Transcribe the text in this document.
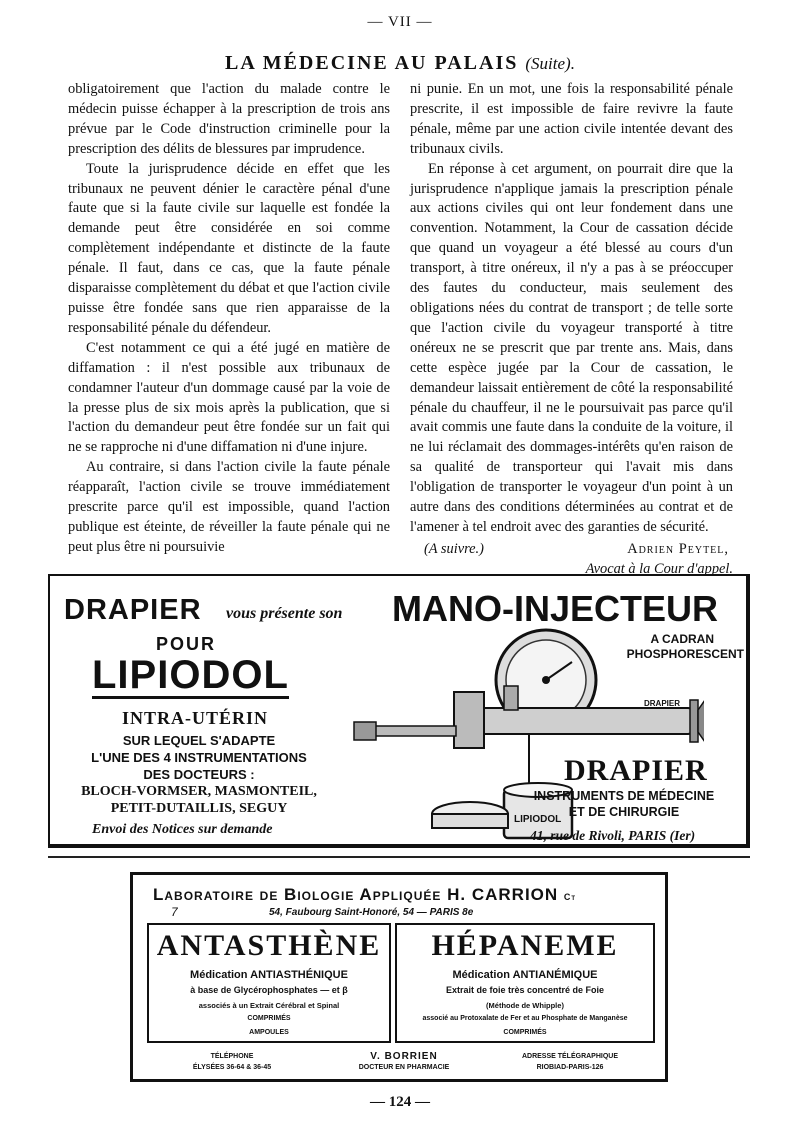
— VII —
LA MÉDECINE AU PALAIS (Suite).

obligatoirement que l'action du malade contre le médecin puisse échapper à la prescription de trois ans prévue par le Code d'instruction criminelle pour la prescription des délits de blessures par imprudence.

Toute la jurisprudence décide en effet que les tribunaux ne peuvent dénier le caractère pénal d'une faute que si la faute civile sur laquelle est fondée la demande peut être considérée en soi comme complètement indépendante et distincte de la faute pénale. Il faut, dans ce cas, que la faute pénale disparaisse complètement du débat et que l'action civile puisse être fondée sans que rien apparaisse de la responsabilité pénale du défendeur.

C'est notamment ce qui a été jugé en matière de diffamation : il n'est possible aux tribunaux de condamner l'auteur d'un dommage causé par la voie de la presse plus de six mois après la publication, que si l'action du demandeur peut être fondée sur un fait qui ne se rapproche ni d'une diffamation ni d'une injure.

Au contraire, si dans l'action civile la faute pénale réapparaît, l'action civile se trouve immédiatement prescrite parce qu'il est impossible, quand l'action publique est éteinte, de réveiller la faute pénale qui ne peut plus être ni poursuivie

ni punie. En un mot, une fois la responsabilité pénale prescrite, il est impossible de faire revivre la faute pénale, même par une action civile intentée devant des tribunaux civils.

En réponse à cet argument, on pourrait dire que la jurisprudence n'applique jamais la prescription pénale aux actions civiles qui ont leur fondement dans une convention. Notamment, la Cour de cassation décide que quand un voyageur a été blessé au cours d'un transport, à titre onéreux, il n'y a pas à se préoccuper des fautes du conducteur, mais seulement des obligations nées du contrat de transport ; de telle sorte que l'action civile du voyageur transporté à titre onéreux ne se prescrit que par trente ans. Mais, dans cette espèce jugée par la Cour de cassation, le demandeur laissait entièrement de côté la responsabilité pénale du chauffeur, il ne le poursuivait pas parce qu'il avait commis une faute dans la conduite de la voiture, il ne lui réclamait des dommages-intérêts qu'en raison de sa qualité de transporteur qui l'avait mis dans l'obligation de transporter le voyageur d'un point à un autre dans des conditions déterminées au contrat et de l'amener à tel endroit avec des garanties de sécurité.

(A suivre.)	Adrien Peytel,
Avocat à la Cour d'appel.
DRAPIER vous présente son MANO-INJECTEUR
POUR
LIPIODOL
INTRA-UTÉRIN
SUR LEQUEL S'ADAPTE
L'UNE DES 4 INSTRUMENTATIONS
DES DOCTEURS :
BLOCH-VORMSER, MASMONTEIL,
PETIT-DUTAILLIS, SEGUY
Envoi des Notices sur demande
A CADRAN
PHOSPHORESCENT
DRAPIER
LIPIODOL
DRAPIER
INSTRUMENTS DE MÉDECINE
ET DE CHIRURGIE
41, rue de Rivoli, PARIS (Ier)
Laboratoire de Biologie Appliquée H. CARRION Ct
7	54, Faubourg Saint-Honoré, 54 — PARIS 8e
ANTASTHÈNE
Médication ANTIASTHÉNIQUE
à base de Glycérophosphates — et β
associés à un Extrait Cérébral et Spinal
COMPRIMÉS
AMPOULES
HÉPANEME
Médication ANTIANÉMIQUE
Extrait de foie très concentré de Foie
(Méthode de Whipple)
associé au Protoxalate de Fer et au Phosphate de Manganèse
COMPRIMÉS
TÉLÉPHONE
ÉLYSÉES 36-64 & 36-45
V. BORRIEN
DOCTEUR EN PHARMACIE
ADRESSE TÉLÉGRAPHIQUE
RIOBIAD-PARIS-126
— 124 —
